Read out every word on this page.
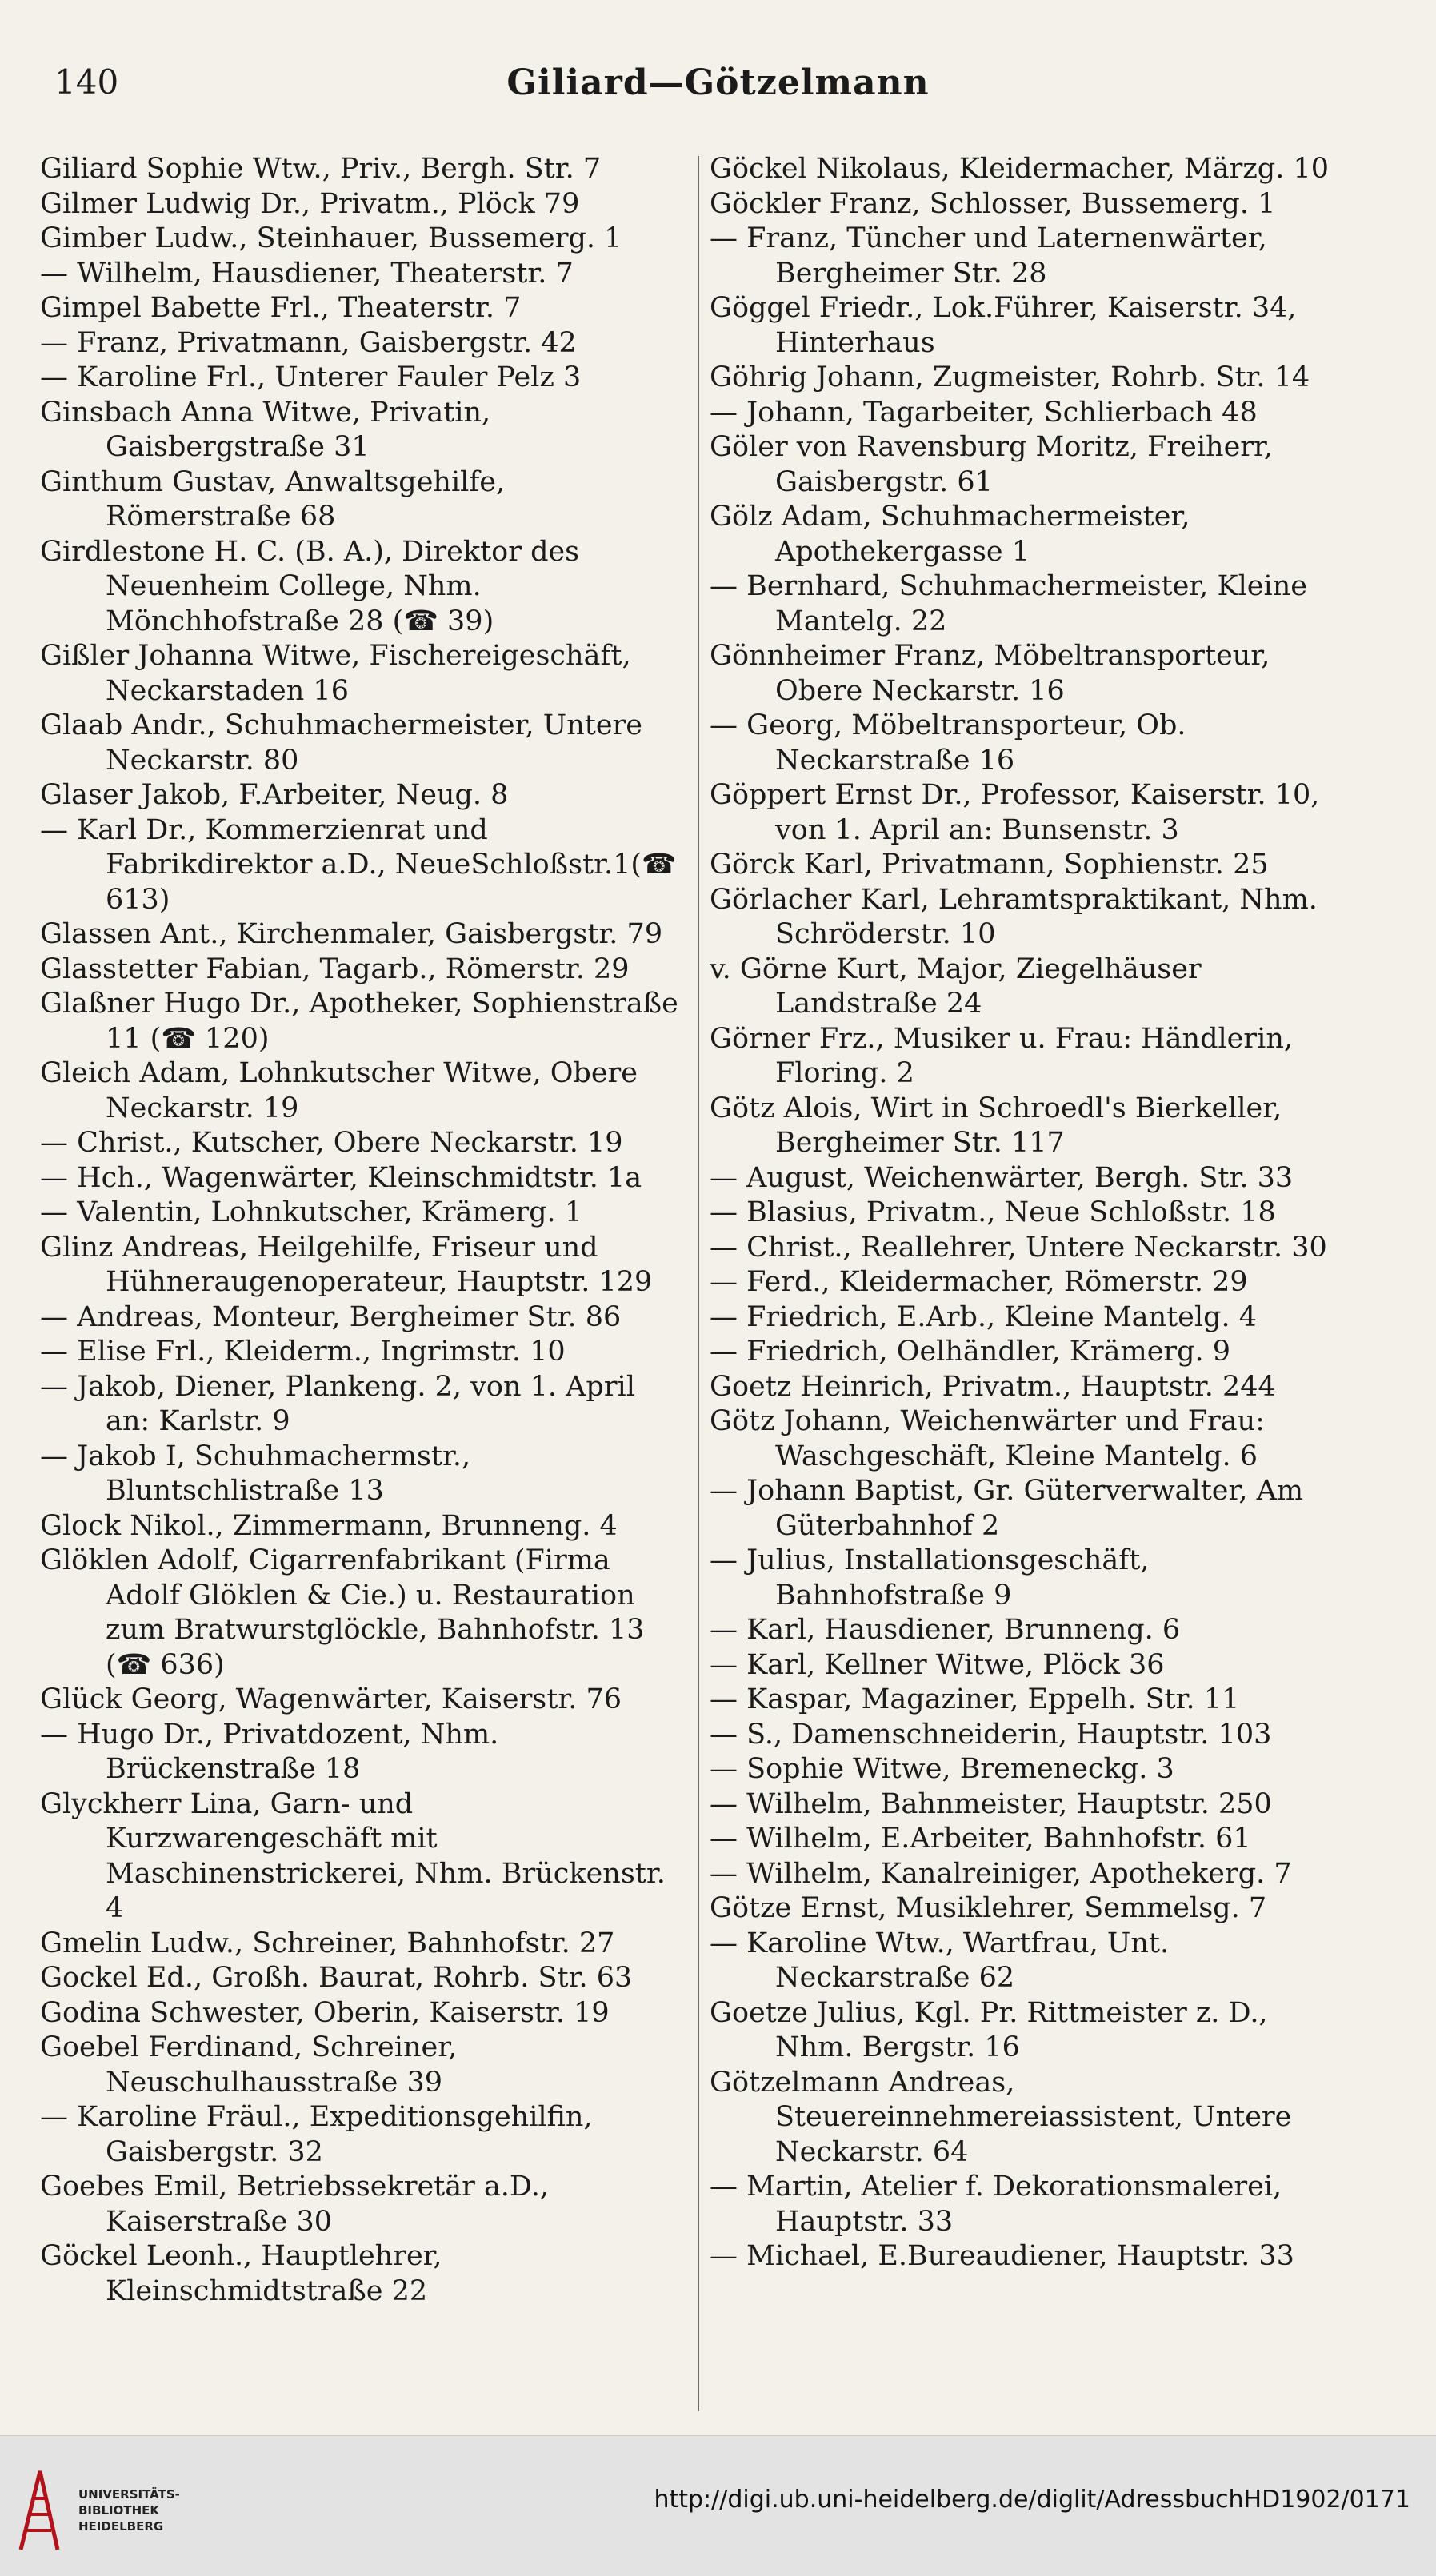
140	Giliard—Götzelmann
Giliard Sophie Wtw., Priv., Bergh. Str. 7
Gilmer Ludwig Dr., Privatm., Plöck 79
Gimber Ludw., Steinhauer, Bussemerg. 1
— Wilhelm, Hausdiener, Theaterstr. 7
Gimpel Babette Frl., Theaterstr. 7
— Franz, Privatmann, Gaisbergstr. 42
— Karoline Frl., Unterer Fauler Pelz 3
Ginsbach Anna Witwe, Privatin, Gaisbergstraße 31
Ginthum Gustav, Anwaltsgehilfe, Römerstraße 68
Girdlestone H. C. (B. A.), Direktor des Neuenheim College, Nhm. Mönchhofstraße 28 (☎ 39)
Gißler Johanna Witwe, Fischereigeschäft, Neckarstaden 16
Glaab Andr., Schuhmachermeister, Untere Neckarstr. 80
Glaser Jakob, F.Arbeiter, Neug. 8
— Karl Dr., Kommerzienrat und Fabrikdirektor a.D., NeueSchloßstr.1(☎ 613)
Glassen Ant., Kirchenmaler, Gaisbergstr. 79
Glasstetter Fabian, Tagarb., Römerstr. 29
Glaßner Hugo Dr., Apotheker, Sophienstraße 11 (☎ 120)
Gleich Adam, Lohnkutscher Witwe, Obere Neckarstr. 19
— Christ., Kutscher, Obere Neckarstr. 19
— Hch., Wagenwärter, Kleinschmidtstr. 1a
— Valentin, Lohnkutscher, Krämerg. 1
Glinz Andreas, Heilgehilfe, Friseur und Hühneraugenoperateur, Hauptstr. 129
— Andreas, Monteur, Bergheimer Str. 86
— Elise Frl., Kleiderm., Ingrimstr. 10
— Jakob, Diener, Plankeng. 2, von 1. April an: Karlstr. 9
— Jakob I, Schuhmachermstr., Bluntschlistraße 13
Glock Nikol., Zimmermann, Brunneng. 4
Glöklen Adolf, Cigarrenfabrikant (Firma Adolf Glöklen & Cie.) u. Restauration zum Bratwurstglöckle, Bahnhofstr. 13 (☎ 636)
Glück Georg, Wagenwärter, Kaiserstr. 76
— Hugo Dr., Privatdozent, Nhm. Brückenstraße 18
Glyckherr Lina, Garn- und Kurzwarengeschäft mit Maschinenstrickerei, Nhm. Brückenstr. 4
Gmelin Ludw., Schreiner, Bahnhofstr. 27
Gockel Ed., Großh. Baurat, Rohrb. Str. 63
Godina Schwester, Oberin, Kaiserstr. 19
Goebel Ferdinand, Schreiner, Neuschulhausstraße 39
— Karoline Fräul., Expeditionsgehilfin, Gaisbergstr. 32
Goebes Emil, Betriebssekretär a.D., Kaiserstraße 30
Göckel Leonh., Hauptlehrer, Kleinschmidtstraße 22
Göckel Nikolaus, Kleidermacher, Märzg. 10
Göckler Franz, Schlosser, Bussemerg. 1
— Franz, Tüncher und Laternenwärter, Bergheimer Str. 28
Göggel Friedr., Lok.Führer, Kaiserstr. 34, Hinterhaus
Göhrig Johann, Zugmeister, Rohrb. Str. 14
— Johann, Tagarbeiter, Schlierbach 48
Göler von Ravensburg Moritz, Freiherr, Gaisbergstr. 61
Gölz Adam, Schuhmachermeister, Apothekergasse 1
— Bernhard, Schuhmachermeister, Kleine Mantelg. 22
Gönnheimer Franz, Möbeltransporteur, Obere Neckarstr. 16
— Georg, Möbeltransporteur, Ob. Neckarstraße 16
Göppert Ernst Dr., Professor, Kaiserstr. 10, von 1. April an: Bunsenstr. 3
Görck Karl, Privatmann, Sophienstr. 25
Görlacher Karl, Lehramtspraktikant, Nhm. Schröderstr. 10
v. Görne Kurt, Major, Ziegelhäuser Landstraße 24
Görner Frz., Musiker u. Frau: Händlerin, Floring. 2
Götz Alois, Wirt in Schroedl's Bierkeller, Bergheimer Str. 117
— August, Weichenwärter, Bergh. Str. 33
— Blasius, Privatm., Neue Schloßstr. 18
— Christ., Reallehrer, Untere Neckarstr. 30
— Ferd., Kleidermacher, Römerstr. 29
— Friedrich, E.Arb., Kleine Mantelg. 4
— Friedrich, Oelhändler, Krämerg. 9
Goetz Heinrich, Privatm., Hauptstr. 244
Götz Johann, Weichenwärter und Frau: Waschgeschäft, Kleine Mantelg. 6
— Johann Baptist, Gr. Güterverwalter, Am Güterbahnhof 2
— Julius, Installationsgeschäft, Bahnhofstraße 9
— Karl, Hausdiener, Brunneng. 6
— Karl, Kellner Witwe, Plöck 36
— Kaspar, Magaziner, Eppelh. Str. 11
— S., Damenschneiderin, Hauptstr. 103
— Sophie Witwe, Bremeneckg. 3
— Wilhelm, Bahnmeister, Hauptstr. 250
— Wilhelm, E.Arbeiter, Bahnhofstr. 61
— Wilhelm, Kanalreiniger, Apothekerg. 7
Götze Ernst, Musiklehrer, Semmelsg. 7
— Karoline Wtw., Wartfrau, Unt. Neckarstraße 62
Goetze Julius, Kgl. Pr. Rittmeister z. D., Nhm. Bergstr. 16
Götzelmann Andreas, Steuereinnehmereiassistent, Untere Neckarstr. 64
— Martin, Atelier f. Dekorationsmalerei, Hauptstr. 33
— Michael, E.Bureaudiener, Hauptstr. 33
UNIVERSITÄTS-
BIBLIOTHEK
HEIDELBERG
http://digi.ub.uni-heidelberg.de/diglit/AdressbuchHD1902/0171
